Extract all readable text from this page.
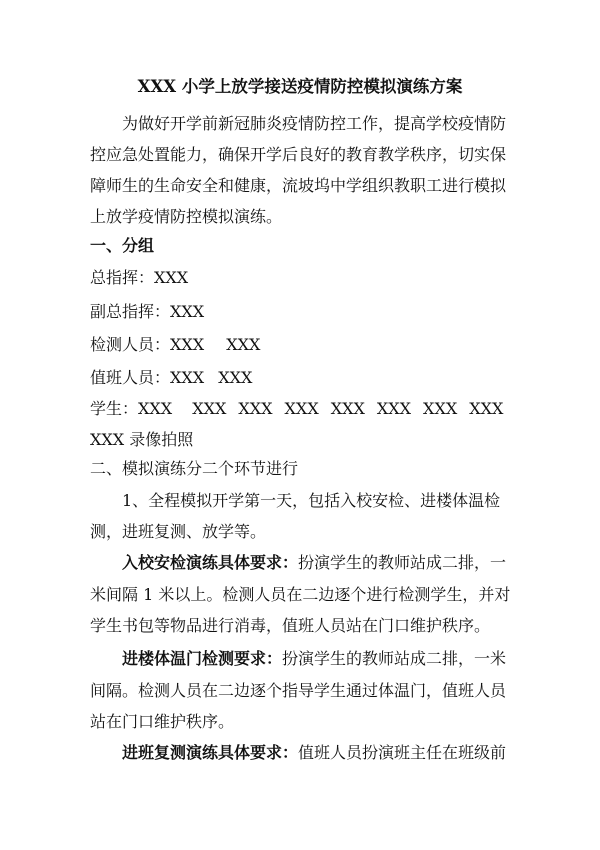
XXX 小学上放学接送疫情防控模拟演练方案
为做好开学前新冠肺炎疫情防控工作，提高学校疫情防
控应急处置能力，确保开学后良好的教育教学秩序，切实保
障师生的生命安全和健康，流坡坞中学组织教职工进行模拟
上放学疫情防控模拟演练。
一、分组
总指挥：XXX
副总指挥：XXX
检测人员：XXX XXX
值班人员：XXX XXX
学生：XXX XXX XXX XXX XXX XXX XXX XXX
XXX 录像拍照
二、模拟演练分二个环节进行
1、全程模拟开学第一天，包括入校安检、进楼体温检
测，进班复测、放学等。
入校安检演练具体要求：扮演学生的教师站成二排，一
米间隔 1 米以上。检测人员在二边逐个进行检测学生，并对
学生书包等物品进行消毒，值班人员站在门口维护秩序。
进楼体温门检测要求：扮演学生的教师站成二排，一米
间隔。检测人员在二边逐个指导学生通过体温门，值班人员
站在门口维护秩序。
进班复测演练具体要求：值班人员扮演班主任在班级前
